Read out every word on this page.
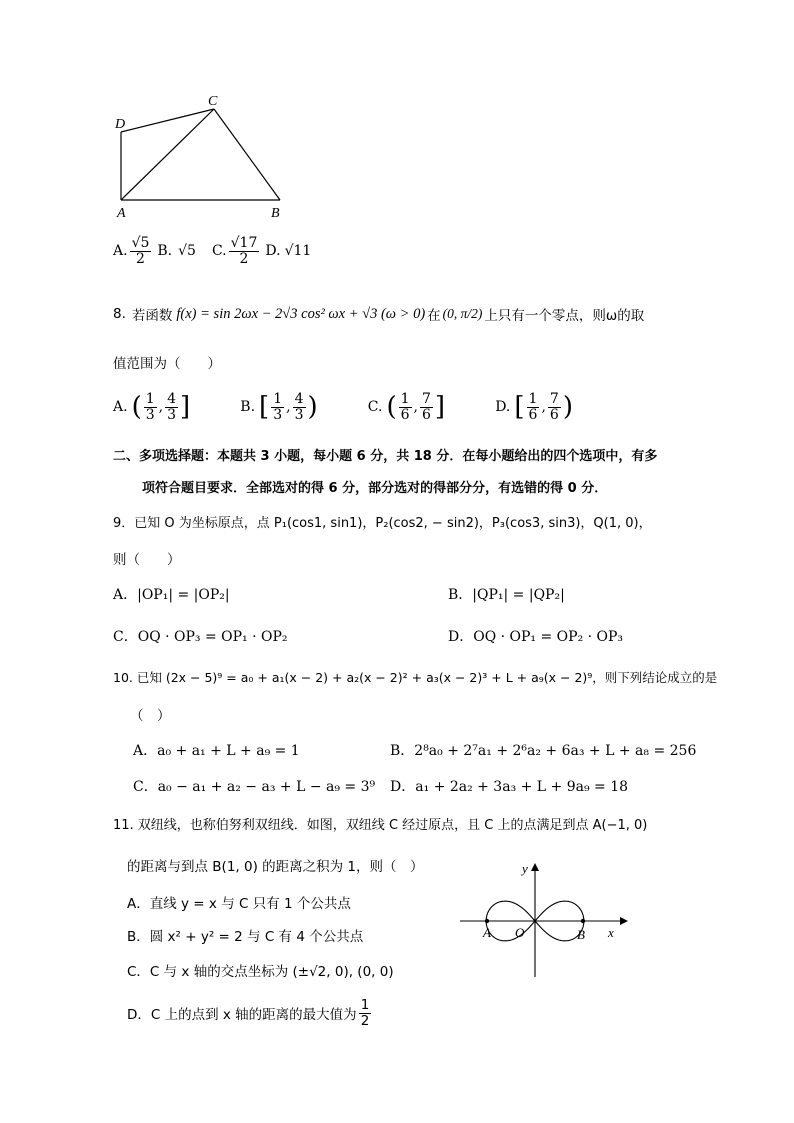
D
C
A	B
A. $\frac{√5}{2} B$. √5 C. $\frac{√17}{2} D$. √11
8. 若函数 f(x) = sin 2ωx − 2√3 cos² ωx + √3 (ω > 0) 在 (0, π/2) 上只有一个零点，则ω的取
值范围为（　　）
A. ( $\frac{1}{3}$ , $\frac{4}{3}$ ]	B. [ $\frac{1}{3}$ , $\frac{4}{3}$ )	C. ( $\frac{1}{6}$ , $\frac{7}{6}$ ]	D. [ $\frac{1}{6}$ , $\frac{7}{6}$ )
二、多项选择题：本题共 3 小题，每小题 6 分，共 18 分．在每小题给出的四个选项中，有多
项符合题目要求．全部选对的得 6 分，部分选对的得部分分，有选错的得 0 分．
9．已知 O 为坐标原点，点 P₁(cos1, sin1)，P₂(cos2, − sin2)，P₃(cos3, sin3)，Q(1, 0)，
则（　　）
A．|OP₁| = |OP₂|	B．|QP₁| = |QP₂|
C．OQ · OP₃ = OP₁ · OP₂	D．OQ · OP₁ = OP₂ · OP₃
10. 已知 (2x − 5)⁹ = a₀ + a₁(x − 2) + a₂(x − 2)² + a₃(x − 2)³ + L + a₉(x − 2)⁹，则下列结论成立的是
（　）
A．a₀ + a₁ + L + a₉ = 1	B．2⁸a₀ + 2⁷a₁ + 2⁶a₂ + 6a₃ + L + a₈ = 256
C．a₀ − a₁ + a₂ − a₃ + L − a₉ = 3⁹ D．a₁ + 2a₂ + 3a₃ + L + 9a₉ = 18
11. 双纽线，也称伯努利双纽线．如图，双纽线 C 经过原点，且 C 上的点满足到点 A(−1, 0)
的距离与到点 B(1, 0) 的距离之积为 1，则（　）
A．直线 y = x 与 C 只有 1 个公共点
B．圆 x² + y² = 2 与 C 有 4 个公共点
C．C 与 x 轴的交点坐标为 (±√2, 0), (0, 0)
D．C 上的点到 x 轴的距离的最大值为 $\frac{1}{2}$
y
x
A O	B
